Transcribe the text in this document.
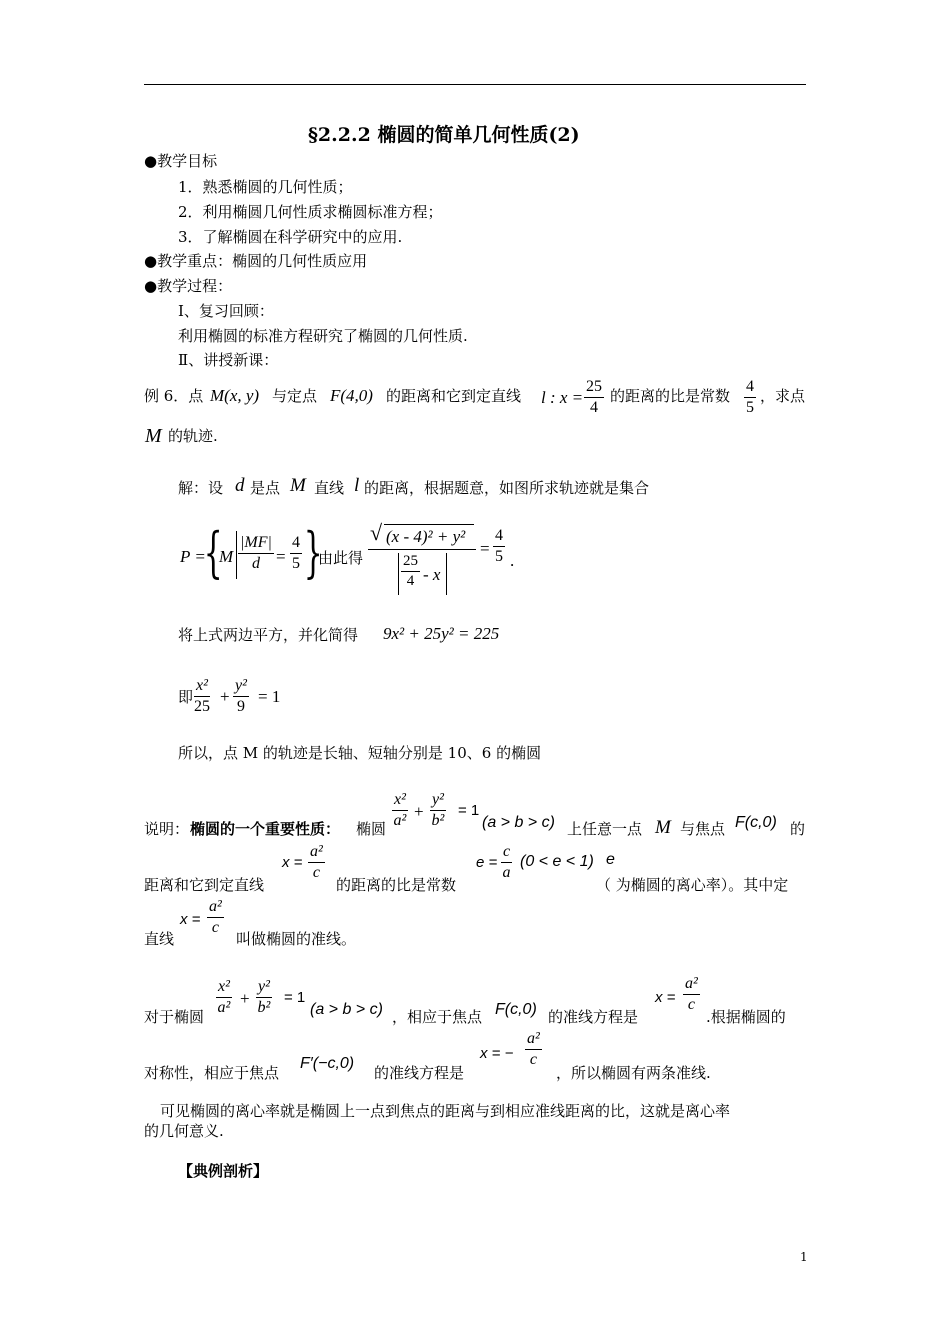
§2.2.2 椭圆的简单几何性质(2)
●教学目标
1．熟悉椭圆的几何性质；
2．利用椭圆几何性质求椭圆标准方程；
3．了解椭圆在科学研究中的应用.
●教学重点：椭圆的几何性质应用
●教学过程：
Ⅰ、复习回顾：
利用椭圆的标准方程研究了椭圆的几何性质.
Ⅱ、讲授新课：
例 6．点 M(x, y) 与定点 F(4,0) 的距离和它到定直线 l : $x = \frac{25}{4}$ 的距离的比是常数 $\frac{4}{5}$ ，求点
M 的轨迹.
解：设 d 是点 M 直线 l 的距离，根据题意，如图所求轨迹就是集合
P =
{
M $\frac{|MF|}{d} = \frac{4}{5}$ }
由此得
√ (x - 4)² + y²
$\frac{25}{4}$ - x
= $\frac{4}{5}$ .
将上式两边平方，并化简得 9x² + 25y² = 225
即 $\frac{\text{x²}}{25} + \frac{\text{y²}}{9} = 1$
所以，点 M 的轨迹是长轴、短轴分别是 10、6 的椭圆
说明： 椭圆的一个重要性质： 椭圆 $\frac{\text{x²}}{\text{a²}} + \frac{\text{y²}}{\text{b²}} = 1$
(a > b > c) 上任意一点 M 与焦点 F(c,0) 的
距离和它到定直线
$x = \frac{\text{a²}}{c}$
的距离的比是常数
$e = \frac{c}{a} (0 < e < 1)$ e
（ 为椭圆的离心率）。其中定
直线
$x = \frac{\text{a²}}{c}$
叫做椭圆的准线。
对于椭圆 $\frac{\text{x²}}{\text{a²}} + \frac{\text{y²}}{\text{b²}} = 1$
(a > b > c) ，相应于焦点 F(c,0) 的准线方程是
$x = \frac{\text{a²}}{c}$
.根据椭圆的
对称性，相应于焦点
F′(−c,0)
的准线方程是
x = − $\frac{\text{a²}}{c}$
，所以椭圆有两条准线.
可见椭圆的离心率就是椭圆上一点到焦点的距离与到相应准线距离的比，这就是离心率
的几何意义.
【典例剖析】
1
